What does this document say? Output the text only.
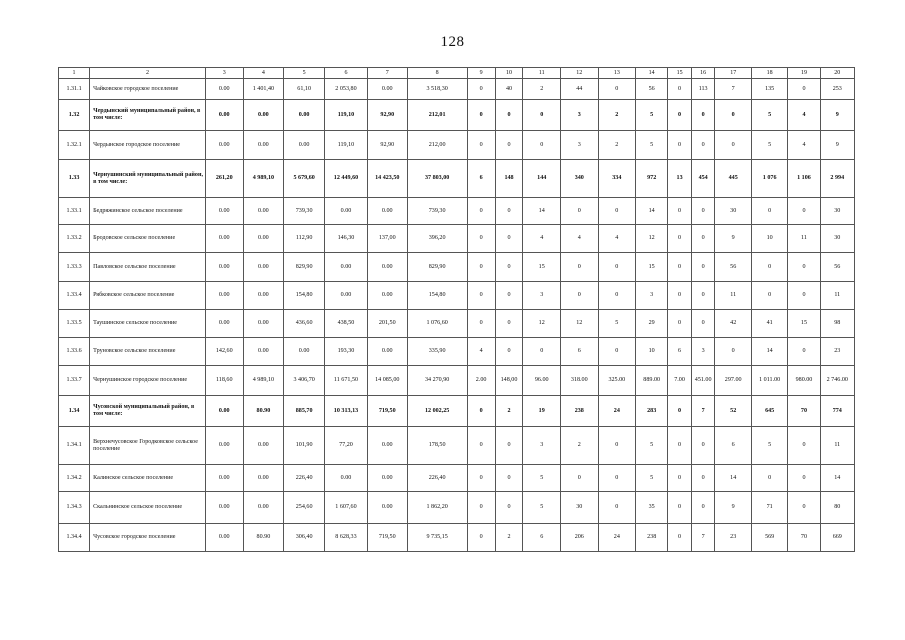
128
1	2	3	4	5	6	7	8	9	10	11	12	13	14	15	16	17	18	19	20
1.31.1	Чайковское городское поселение	0.00	1 401,40	61,10	2 053,80	0.00	3 518,30	0	40	2	44	0	56	0	113	7	135	0	253
1.32	Чердынский муниципальный район, в том числе:	0.00	0.00	0.00	119,10	92,90	212,01	0	0	0	3	2	5	0	0	0	5	4	9
1.32.1	Чердынское городское поселение	0.00	0.00	0.00	119,10	92,90	212,00	0	0	0	3	2	5	0	0	0	5	4	9
1.33	Чернушинский муниципальный район, в том числе:	261,20	4 989,10	5 679,60	12 449,60	14 423,50	37 803,00	6	148	144	340	334	972	13	454	445	1 076	1 106	2 994
1.33.1	Бедряжинское сельское поселение	0.00	0.00	739,30	0.00	0.00	739,30	0	0	14	0	0	14	0	0	30	0	0	30
1.33.2	Бродовское сельское поселение	0.00	0.00	112,90	146,30	137,00	396,20	0	0	4	4	4	12	0	0	9	10	11	30
1.33.3	Павловское сельское поселение	0.00	0.00	829,90	0.00	0.00	829,90	0	0	15	0	0	15	0	0	56	0	0	56
1.33.4	Рябковское сельское поселение	0.00	0.00	154,80	0.00	0.00	154,80	0	0	3	0	0	3	0	0	11	0	0	11
1.33.5	Таушинское сельское поселение	0.00	0.00	436,60	438,50	201,50	1 076,60	0	0	12	12	5	29	0	0	42	41	15	98
1.33.6	Труновское сельское поселение	142,60	0.00	0.00	193,30	0.00	335,90	4	0	0	6	0	10	6	3	0	14	0	23
1.33.7	Чернушинское городское поселение	118,60	4 989,10	3 406,70	11 671,50	14 085,00	34 270,90	2.00	148,00	96.00	318.00	325.00	889.00	7.00	451.00	297.00	1 011.00	980.00	2 746.00
1.34	Чусовской муниципальный район, в том числе:	0.00	80.90	885,70	10 313,13	719,50	12 002,25	0	2	19	238	24	283	0	7	52	645	70	774
1.34.1	Верхнечусовское Городковское сельское поселение	0.00	0.00	101,90	77,20	0.00	178,50	0	0	3	2	0	5	0	0	6	5	0	11
1.34.2	Калинское сельское поселение	0.00	0.00	226,40	0.00	0.00	226,40	0	0	5	0	0	5	0	0	14	0	0	14
1.34.3	Скальнинское сельское поселение	0.00	0.00	254,60	1 607,60	0.00	1 862,20	0	0	5	30	0	35	0	0	9	71	0	80
1.34.4	Чусовское городское поселение	0.00	80.90	306,40	8 628,33	719,50	9 735,15	0	2	6	206	24	238	0	7	23	569	70	669
